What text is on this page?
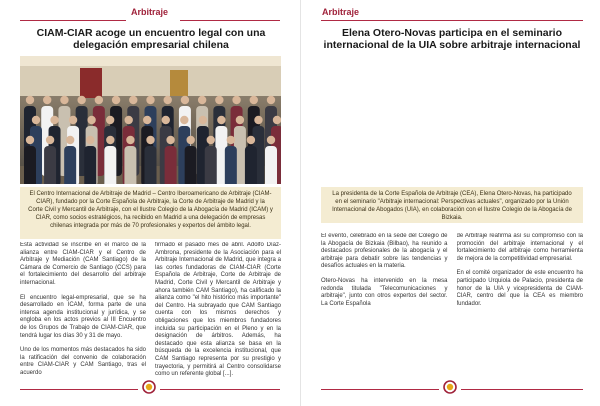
Arbitraje
CIAM-CIAR acoge un encuentro legal con una delegación empresarial chilena
El Centro Internacional de Arbitraje de Madrid – Centro Iberoamericano de Arbitraje (CIAM-CIAR), fundado por la Corte Española de Arbitraje, la Corte de Arbitraje de Madrid y la Corte Civil y Mercantil de Arbitraje, con el Ilustre Colegio de la Abogacía de Madrid (ICAM) y CIAR, como socios estratégicos, ha recibido en Madrid a una delegación de empresas chilenas integrada por más de 70 profesionales y expertos del ámbito legal.

Esta actividad se inscribe en el marco de la alianza entre CIAM-CIAR y el Centro de Arbitraje y Mediación (CAM Santiago) de la Cámara de Comercio de Santiago (CCS) para el fortalecimiento del desarrollo del arbitraje internacional.

El encuentro legal-empresarial, que se ha desarrollado en ICAM, forma parte de una intensa agenda institucional y jurídica, y se engloba en los actos previos al III Encuentro de los Grupos de Trabajo de CIAM-CIAR, que tendrá lugar los días 30 y 31 de mayo.

Uno de los momentos más destacados ha sido la ratificación del convenio de colaboración entre CIAM-CIAR y CAM Santiago, tras el acuerdo

firmado el pasado mes de abril. Adolfo Díaz-Ambrona, presidente de la Asociación para el Arbitraje Internacional de Madrid, que integra a las cortes fundadoras de CIAM-CIAR (Corte Española de Arbitraje, Corte de Arbitraje de Madrid, Corte Civil y Mercantil de Arbitraje y ahora también CAM Santiago), ha calificado la alianza como "el hito histórico más importante" del Centro. Ha subrayado que CAM Santiago cuenta con los mismos derechos y obligaciones que los miembros fundadores incluida su participación en el Pleno y en la designación de árbitros. Además, ha destacado que esta alianza se basa en la búsqueda de la excelencia institucional, que CAM Santiago representa por su prestigio y trayectoria, y permitirá al Centro consolidarse como un referente global [...].

Arbitraje
Elena Otero-Novas participa en el seminario internacional de la UIA sobre arbitraje internacional
La presidenta de la Corte Española de Arbitraje (CEA), Elena Otero-Novas, ha participado en el seminario "Arbitraje internacional: Perspectivas actuales", organizado por la Unión Internacional de Abogados (UIA), en colaboración con el Ilustre Colegio de la Abogacía de Bizkaia.

El evento, celebrado en la sede del Colegio de la Abogacía de Bizkaia (Bilbao), ha reunido a destacados profesionales de la abogacía y el arbitraje para debatir sobre las tendencias y desafíos actuales en la materia.

Otero-Novas ha intervenido en la mesa redonda titulada "Telecomunicaciones y arbitraje", junto con otros expertos del sector. La Corte Española

de Arbitraje reafirma así su compromiso con la promoción del arbitraje internacional y el fortalecimiento del arbitraje como herramienta de mejora de la competitividad empresarial.

En el comité organizador de este encuentro ha participado Urquiola de Palacio, presidenta de honor de la UIA y vicepresidenta de CIAM-CIAR, centro del que la CEA es miembro fundador.
